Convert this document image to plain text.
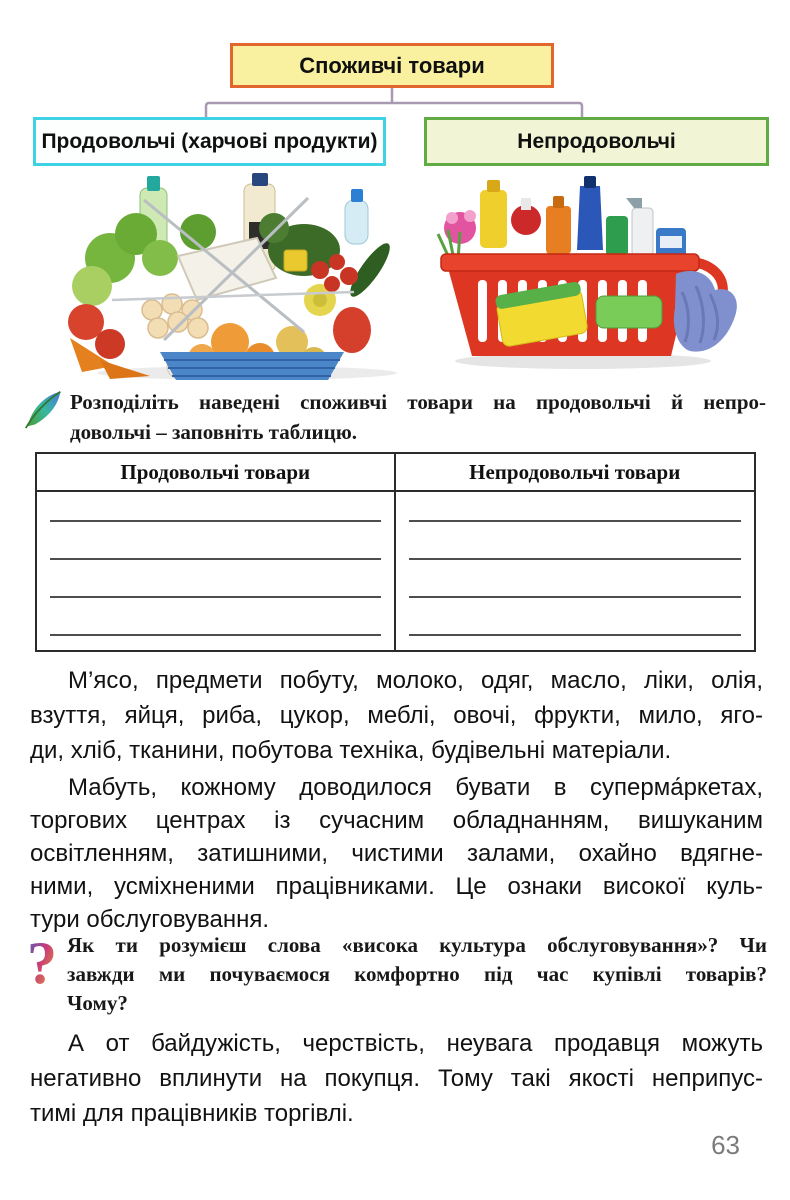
Споживчі товари
Продовольчі (харчові продукти)	Непродовольчі
Розподіліть наведені споживчі товари на продовольчі й непро-
довольчі – заповніть таблицю.
Продовольчі товари	Непродовольчі товари
М’ясо, предмети побуту, молоко, одяг, масло, ліки, олія,
взуття, яйця, риба, цукор, меблі, овочі, фрукти, мило, яго-
ди, хліб, тканини, побутова техніка, будівельні матеріали.
Мабуть, кожному доводилося бувати в суперма́ркетах,
торгових центрах із сучасним обладнанням, вишуканим
освітленням, затишними, чистими залами, охайно вдягне-
ними, усміхненими працівниками. Це ознаки високої куль-
тури обслуговування.
? Як ти розумієш слова «висока культура обслуговування»? Чи
завжди ми почуваємося комфортно під час купівлі товарів?
Чому?
А от байдужість, черствість, неувага продавця можуть
негативно вплинути на покупця. Тому такі якості неприпус-
тимі для працівників торгівлі.
63
